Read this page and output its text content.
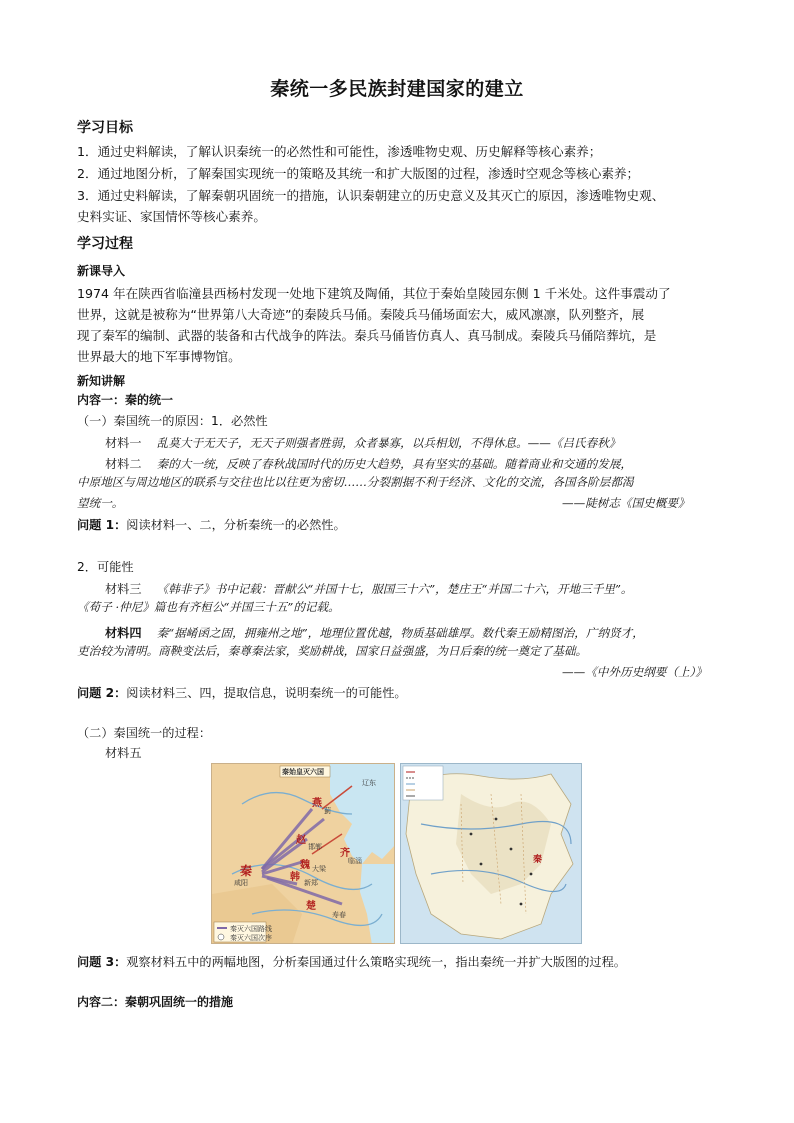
秦统一多民族封建国家的建立
学习目标
1．通过史料解读，了解认识秦统一的必然性和可能性，渗透唯物史观、历史解释等核心素养；
2．通过地图分析，了解秦国实现统一的策略及其统一和扩大版图的过程，渗透时空观念等核心素养；
3．通过史料解读，了解秦朝巩固统一的措施，认识秦朝建立的历史意义及其灭亡的原因，渗透唯物史观、
史料实证、家国情怀等核心素养。
学习过程
新课导入
1974 年在陕西省临潼县西杨村发现一处地下建筑及陶俑，其位于秦始皇陵园东侧 1 千米处。这件事震动了
世界，这就是被称为“世界第八大奇迹”的秦陵兵马俑。秦陵兵马俑场面宏大，威风凛凛，队列整齐，展
现了秦军的编制、武器的装备和古代战争的阵法。秦兵马俑皆仿真人、真马制成。秦陵兵马俑陪葬坑，是
世界最大的地下军事博物馆。
新知讲解
内容一：秦的统一
（一）秦国统一的原因：1．必然性
材料一 乱莫大于无天子，无天子则强者胜弱，众者暴寡，以兵相划，不得休息。——《吕氏春秋》
材料二 秦的大一统，反映了春秋战国时代的历史大趋势，具有坚实的基础。随着商业和交通的发展，
中原地区与周边地区的联系与交往也比以往更为密切……分裂割据不利于经济、文化的交流，各国各阶层都渴
望统一。	——陡树志《国史概要》
问题 1：阅读材料一、二，分析秦统一的必然性。
2．可能性
材料三 《韩非子》书中记载：晋献公“并国十七，服国三十六”，楚庄王“并国二十六，开地三千里”。
《荀子 ·仲尼》篇也有齐桓公“并国三十五”的记载。
材料四 秦“据崤函之固，拥雍州之地”，地理位置优越，物质基础雄厚。数代秦王励精图治，广纳贤才，
吏治较为清明。商鞅变法后，秦尊秦法家，奖励耕战，国家日益强盛，为日后秦的统一奠定了基础。
——《中外历史纲要（上）》
问题 2：阅读材料三、四，提取信息，说明秦统一的可能性。
（二）秦国统一的过程：
材料五
秦始皇灭六国
燕
赵
齐
魏
韩
楚
秦
辽东
蓟
邯郸
临淄
大梁
新郑
寿春
咸阳
秦灭六国路线
秦灭六国次序
秦
问题 3：观察材料五中的两幅地图，分析秦国通过什么策略实现统一，指出秦统一并扩大版图的过程。
内容二：秦朝巩固统一的措施
